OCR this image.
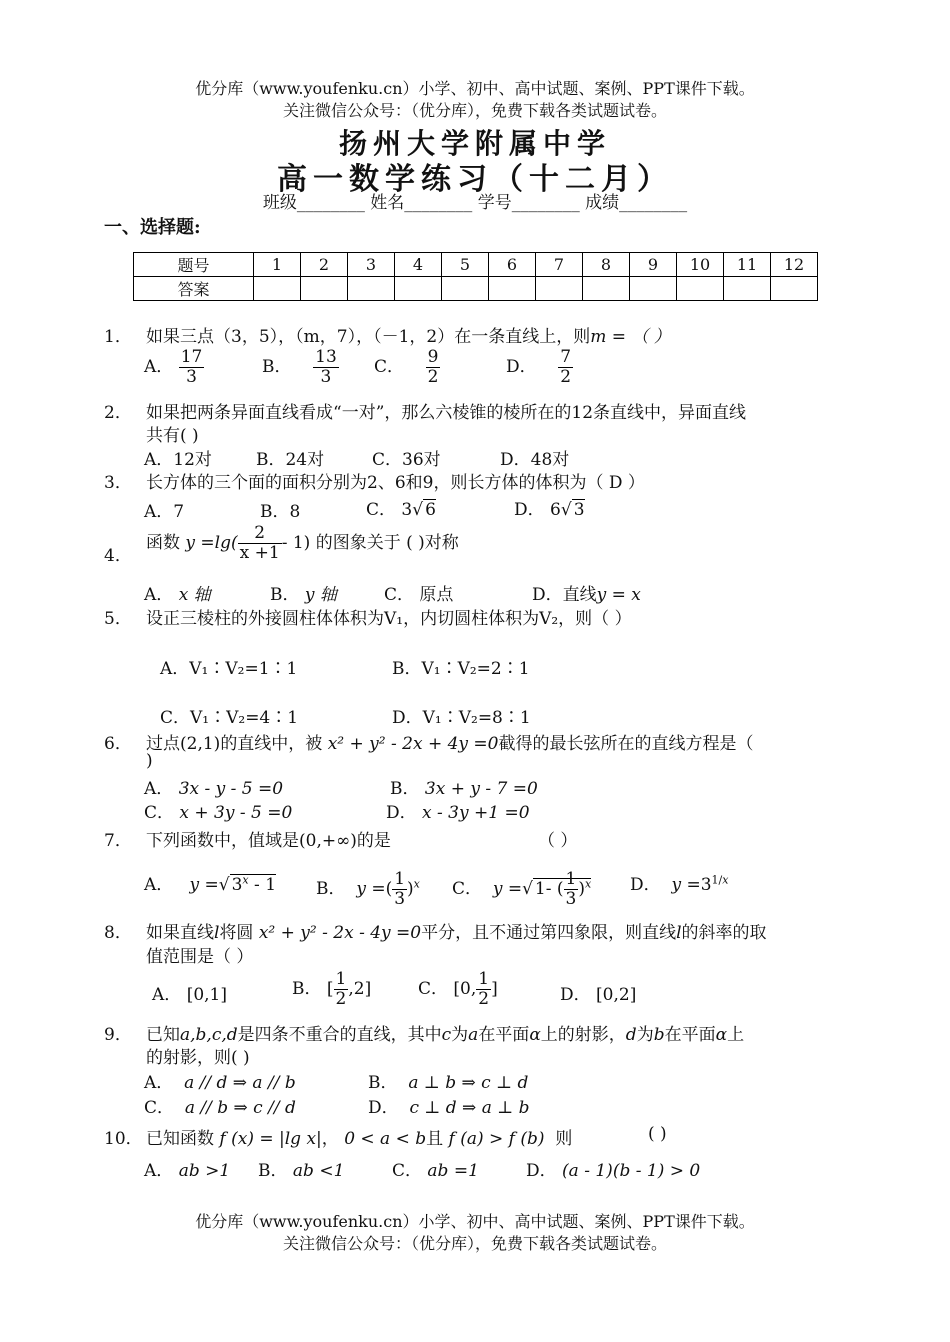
优分库（www.youfenku.cn）小学、初中、高中试题、案例、PPT课件下载。
关注微信公众号：（优分库），免费下载各类试题试卷。
扬州大学附属中学
高一数学练习（十二月）
班级________ 姓名________ 学号________ 成绩________
一、选择题:
题号	1	2	3	4	5	6	7	8	9	10	11	12
答案												
1． 如果三点（3，5），（m，7），（－1，2）在一条直线上，则m = （ ）
A． $\frac{17}{3}$	B． $\frac{13}{3}$ C． $\frac{9}{2}$	D． $\frac{7}{2}$
2． 如果把两条异面直线看成“一对”，那么六棱锥的棱所在的12条直线中，异面直线
共有( )
A．12对	B．24对	C．36对	D．48对
3． 长方体的三个面的面积分别为2、6和9，则长方体的体积为（ D ）
A．7	B．8	C． 3√ 6	D． 6√ 3
4．
函数 $y =\lg( \frac{2}{x +1} - 1)$ 的图象关于 ( )对称
A． x 轴	B． y 轴	C． 原点	D．直线y = x
5． 设正三棱柱的外接圆柱体体积为V₁，内切圆柱体积为V₂，则（ ）
A．V₁∶V₂=1∶1	B．V₁∶V₂=2∶1
C．V₁∶V₂=4∶1	D．V₁∶V₂=8∶1
6． 过点(2,1)的直线中，被 x² + y² - 2x + 4y =0截得的最长弦所在的直线方程是（
)
A． 3x - y - 5 =0	B． 3x + y - 7 =0
C． x + 3y - 5 =0	D． x - 3y +1 =0
7． 下列函数中，值域是(0,+∞)的是	（ ）
A． y =√ 3$^x$ - 1 B． y =( $\frac{1}{3} )^x$ C． y =√ 1- ( $\frac{1}{3} )^x$ D． $y =3^{1/x}$
8． 如果直线l将圆 x² + y² - 2x - 4y =0平分，且不通过第四象限，则直线l的斜率的取
值范围是（ ）
A． [0,1]	B． [ $\frac{1}{2} ,2$]	C． [0, $\frac{1}{2}$ ]	D． [0,2]
9． 已知a,b,c,d是四条不重合的直线，其中c为a在平面α上的射影，d为b在平面α上
的射影，则( )
A． a // d ⇒ a // b	B． a ⊥ b ⇒ c ⊥ d
C． a // b ⇒ c // d	D． c ⊥ d ⇒ a ⊥ b
10． 已知函数 f (x) = |lg x|， 0 < a < b且 f (a) > f (b) 则	( )
A． ab >1 B． ab <1	C． ab =1	D． (a - 1)(b - 1) > 0
优分库（www.youfenku.cn）小学、初中、高中试题、案例、PPT课件下载。
关注微信公众号：（优分库），免费下载各类试题试卷。
